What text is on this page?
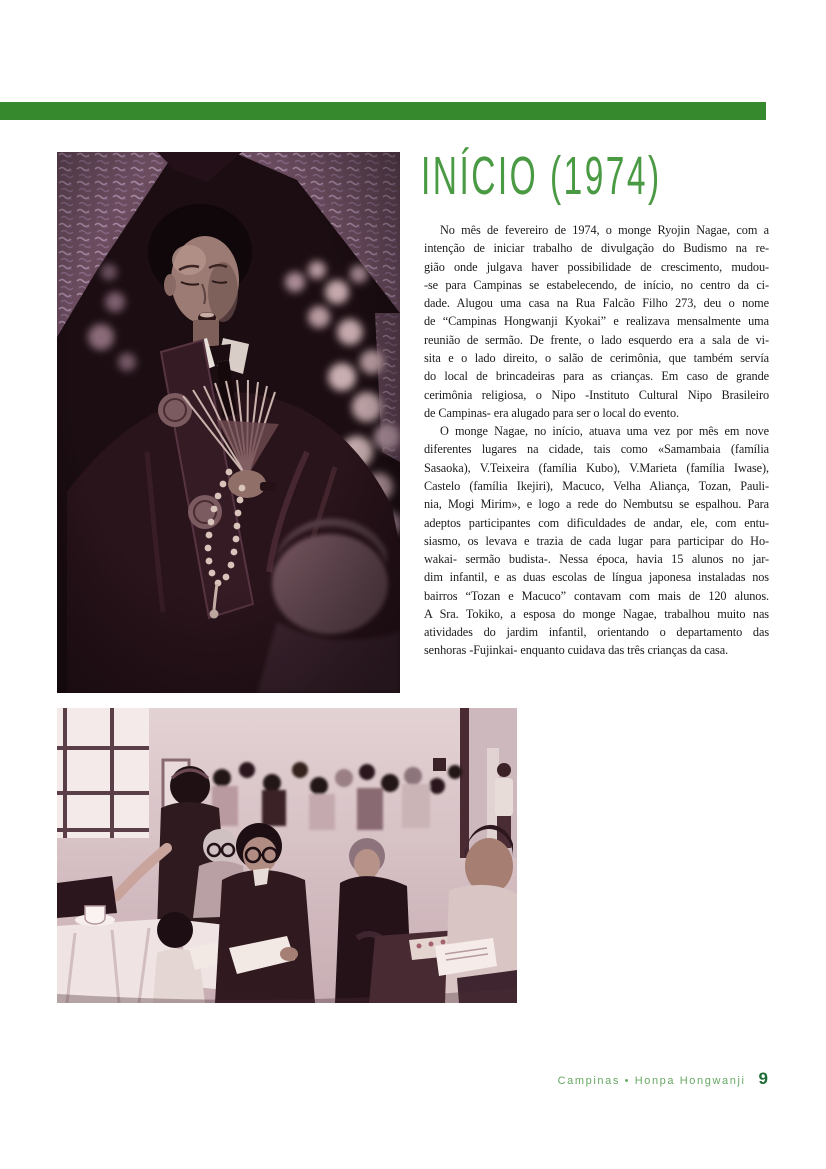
INÍCIO (1974)
No mês de fevereiro de 1974, o monge Ryojin Nagae, com a
intenção de iniciar trabalho de divulgação do Budismo na re-
gião onde julgava haver possibilidade de crescimento, mudou-
-se para Campinas se estabelecendo, de início, no centro da ci-
dade. Alugou uma casa na Rua Falcão Filho 273, deu o nome
de “Campinas Hongwanji Kyokai” e realizava mensalmente uma
reunião de sermão. De frente, o lado esquerdo era a sala de vi-
sita e o lado direito, o salão de cerimônia, que também servía
do local de brincadeiras para as crianças. Em caso de grande
cerimônia religiosa, o Nipo -Instituto Cultural Nipo Brasileiro
de Campinas- era alugado para ser o local do evento.
O monge Nagae, no início, atuava uma vez por mês em nove
diferentes lugares na cidade, tais como «Samambaia (família
Sasaoka), V.Teixeira (família Kubo), V.Marieta (família Iwase),
Castelo (família Ikejiri), Macuco, Velha Aliança, Tozan, Pauli-
nia, Mogi Mirim», e logo a rede do Nembutsu se espalhou. Para
adeptos participantes com dificuldades de andar, ele, com entu-
siasmo, os levava e trazia de cada lugar para participar do Ho-
wakai- sermão budista-. Nessa época, havia 15 alunos no jar-
dim infantil, e as duas escolas de língua japonesa instaladas nos
bairros “Tozan e Macuco” contavam com mais de 120 alunos.
A Sra. Tokiko, a esposa do monge Nagae, trabalhou muito nas
atividades do jardim infantil, orientando o departamento das
senhoras -Fujinkai- enquanto cuidava das três crianças da casa.
Campinas • Honpa Hongwanji 9
